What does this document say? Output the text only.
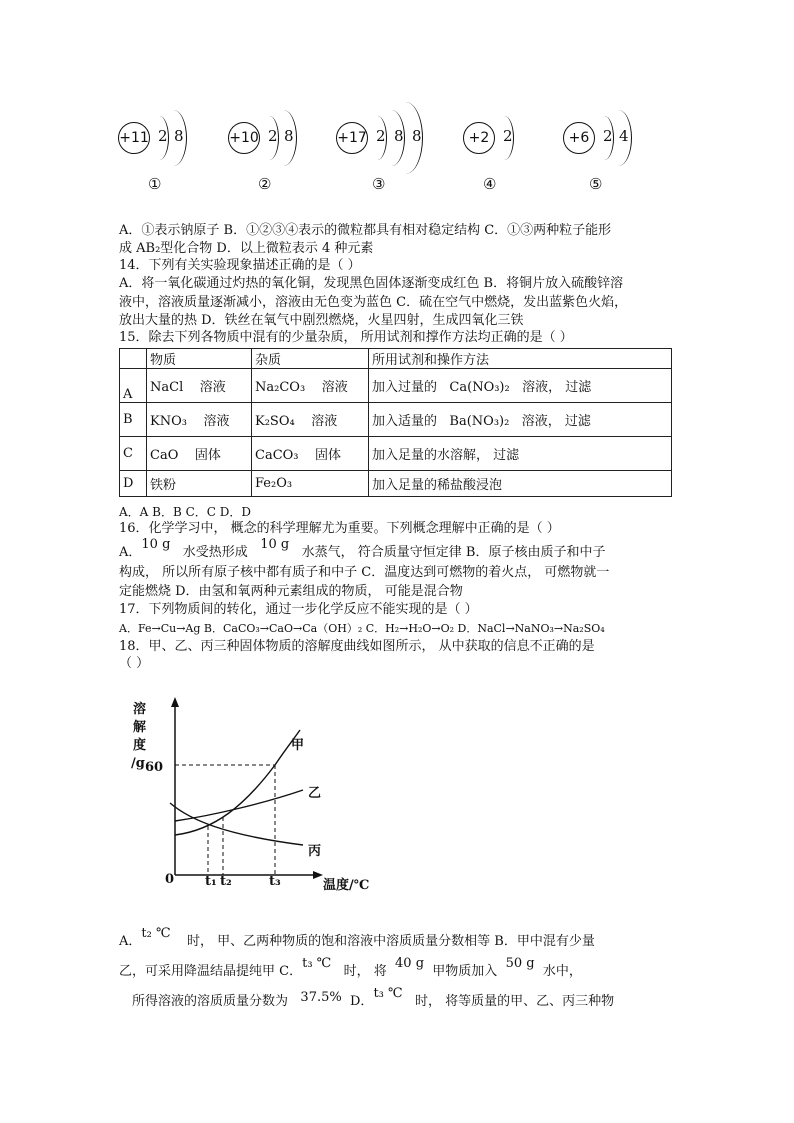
+11 2 8
①
+10 2 8
②
+17 2 8 8
③
+2 2
④
+6 2 4
⑤
A．①表示钠原子 B．①②③④表示的微粒都具有相对稳定结构 C．①③两种粒子能形
成 AB₂型化合物 D．以上微粒表示 4 种元素
14．下列有关实验现象描述正确的是（ ）
A．将一氧化碳通过灼热的氧化铜，发现黑色固体逐渐变成红色 B．将铜片放入硫酸锌溶
液中，溶液质量逐渐减小，溶液由无色变为蓝色 C．硫在空气中燃烧，发出蓝紫色火焰，
放出大量的热 D．铁丝在氧气中剧烈燃烧，火星四射，生成四氧化三铁
15．除去下列各物质中混有的少量杂质， 所用试剂和撑作方法均正确的是（ ）
	物质	杂质	所用试剂和操作方法
A	NaCl 溶液	Na₂CO₃ 溶液	加入过量的 Ca(NO₃)₂ 溶液， 过滤
B	KNO₃ 溶液	K₂SO₄ 溶液	加入适量的 Ba(NO₃)₂ 溶液， 过滤
C	CaO 固体	CaCO₃ 固体	加入足量的水溶解， 过滤
D	铁粉	Fe₂O₃	加入足量的稀盐酸浸泡
A．A B．B C．C D．D
16．化学学习中， 概念的科学理解尤为重要。下列概念理解中正确的是（ ）
A．10 g   水受热形成   10 g   水蒸气， 符合质量守恒定律 B．原子核由质子和中子
构成， 所以所有原子核中都有质子和中子 C．温度达到可燃物的着火点， 可燃物就一
定能燃烧 D．由氢和氧两种元素组成的物质， 可能是混合物
17．下列物质间的转化，通过一步化学反应不能实现的是（ ）
A．Fe→Cu→Ag B．CaCO₃→CaO→Ca（OH）₂ C．H₂→H₂O→O₂ D．NaCl→NaNO₃→Na₂SO₄
18．甲、乙、丙三种固体物质的溶解度曲线如图所示， 从中获取的信息不正确的是
（ ）
溶
解
度
/g 60
0 t₁ t₂	t₃	温度/℃
甲
乙
丙
A．t₂ ℃    时， 甲、乙两种物质的饱和溶液中溶质质量分数相等 B．甲中混有少量
乙，可采用降温结晶提纯甲 C．t₃ ℃   时， 将  40 g  甲物质加入  50 g  水中，
所得溶液的溶质质量分数为 37.5% D．t₃ ℃   时， 将等质量的甲、乙、丙三种物
